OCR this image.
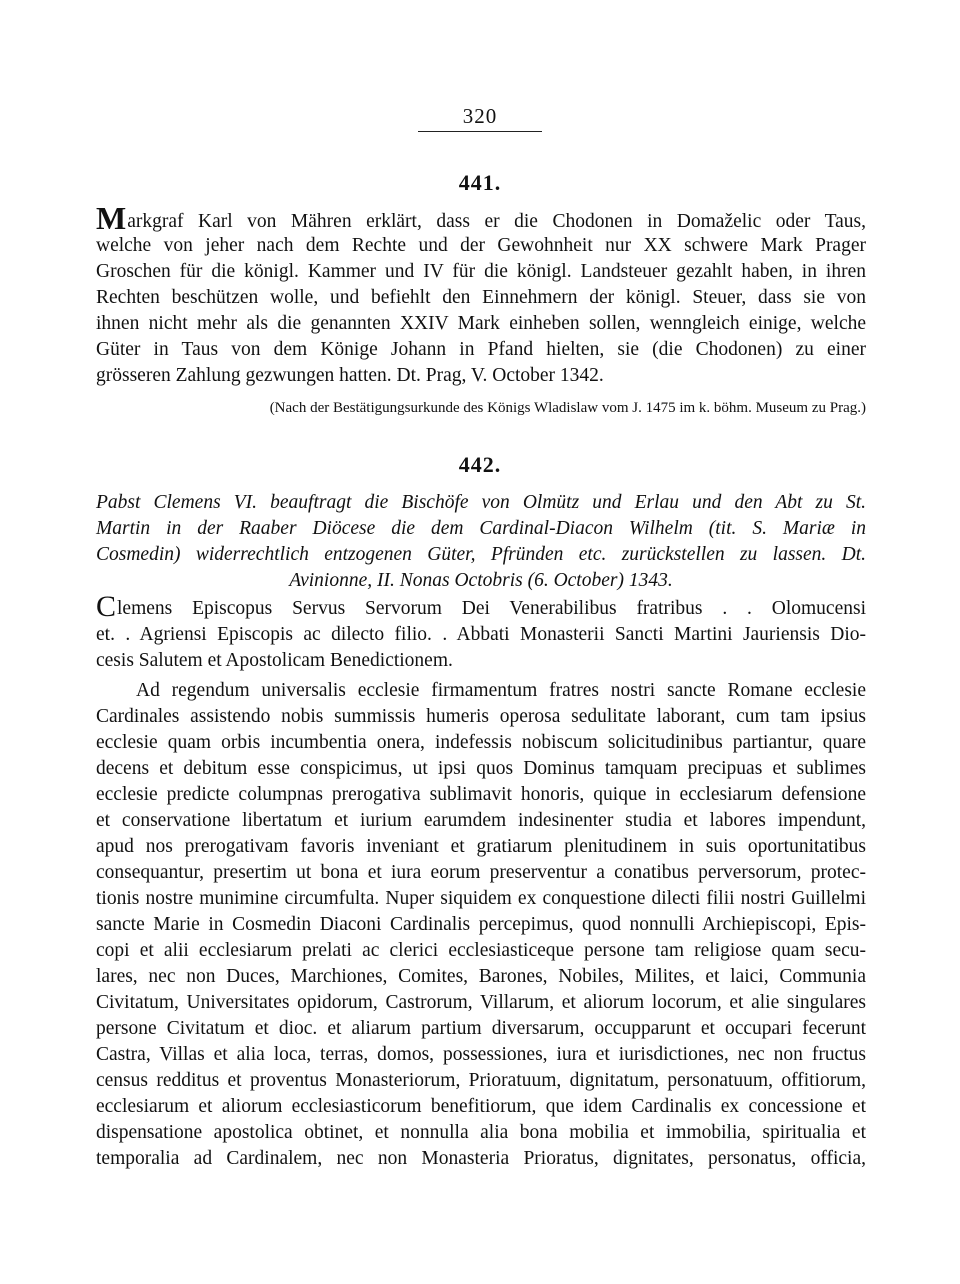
320
441.
Markgraf Karl von Mähren erklärt, dass er die Chodonen in Domaželic oder Taus,
welche von jeher nach dem Rechte und der Gewohnheit nur XX schwere Mark Prager
Groschen für die königl. Kammer und IV für die königl. Landsteuer gezahlt haben, in ihren
Rechten beschützen wolle, und befiehlt den Einnehmern der königl. Steuer, dass sie von
ihnen nicht mehr als die genannten XXIV Mark einheben sollen, wenngleich einige, welche
Güter in Taus von dem Könige Johann in Pfand hielten, sie (die Chodonen) zu einer
grösseren Zahlung gezwungen hatten. Dt. Prag, V. October 1342.
(Nach der Bestätigungsurkunde des Königs Wladislaw vom J. 1475 im k. böhm. Museum zu Prag.)
442.
Pabst Clemens VI. beauftragt die Bischöfe von Olmütz und Erlau und den Abt zu St.
Martin in der Raaber Diöcese die dem Cardinal-Diacon Wilhelm (tit. S. Mariæ in
Cosmedin) widerrechtlich entzogenen Güter, Pfründen etc. zurückstellen zu lassen. Dt.
Avinionne, II. Nonas Octobris (6. October) 1343.
Clemens Episcopus Servus Servorum Dei Venerabilibus fratribus . . Olomucensi
et. . Agriensi Episcopis ac dilecto filio. . Abbati Monasterii Sancti Martini Jauriensis Dio-
cesis Salutem et Apostolicam Benedictionem.
Ad regendum universalis ecclesie firmamentum fratres nostri sancte Romane ecclesie
Cardinales assistendo nobis summissis humeris operosa sedulitate laborant, cum tam ipsius
ecclesie quam orbis incumbentia onera, indefessis nobiscum solicitudinibus partiantur, quare
decens et debitum esse conspicimus, ut ipsi quos Dominus tamquam precipuas et sublimes
ecclesie predicte columpnas prerogativa sublimavit honoris, quique in ecclesiarum defensione
et conservatione libertatum et iurium earumdem indesinenter studia et labores impendunt,
apud nos prerogativam favoris inveniant et gratiarum plenitudinem in suis oportunitatibus
consequantur, presertim ut bona et iura eorum preserventur a conatibus perversorum, protec-
tionis nostre munimine circumfulta. Nuper siquidem ex conquestione dilecti filii nostri Guillelmi
sancte Marie in Cosmedin Diaconi Cardinalis percepimus, quod nonnulli Archiepiscopi, Epis-
copi et alii ecclesiarum prelati ac clerici ecclesiasticeque persone tam religiose quam secu-
lares, nec non Duces, Marchiones, Comites, Barones, Nobiles, Milites, et laici, Communia
Civitatum, Universitates opidorum, Castrorum, Villarum, et aliorum locorum, et alie singulares
persone Civitatum et dioc. et aliarum partium diversarum, occupparunt et occupari fecerunt
Castra, Villas et alia loca, terras, domos, possessiones, iura et iurisdictiones, nec non fructus
census redditus et proventus Monasteriorum, Prioratuum, dignitatum, personatuum, offitiorum,
ecclesiarum et aliorum ecclesiasticorum benefitiorum, que idem Cardinalis ex concessione et
dispensatione apostolica obtinet, et nonnulla alia bona mobilia et immobilia, spiritualia et
temporalia ad Cardinalem, nec non Monasteria Prioratus, dignitates, personatus, officia,
